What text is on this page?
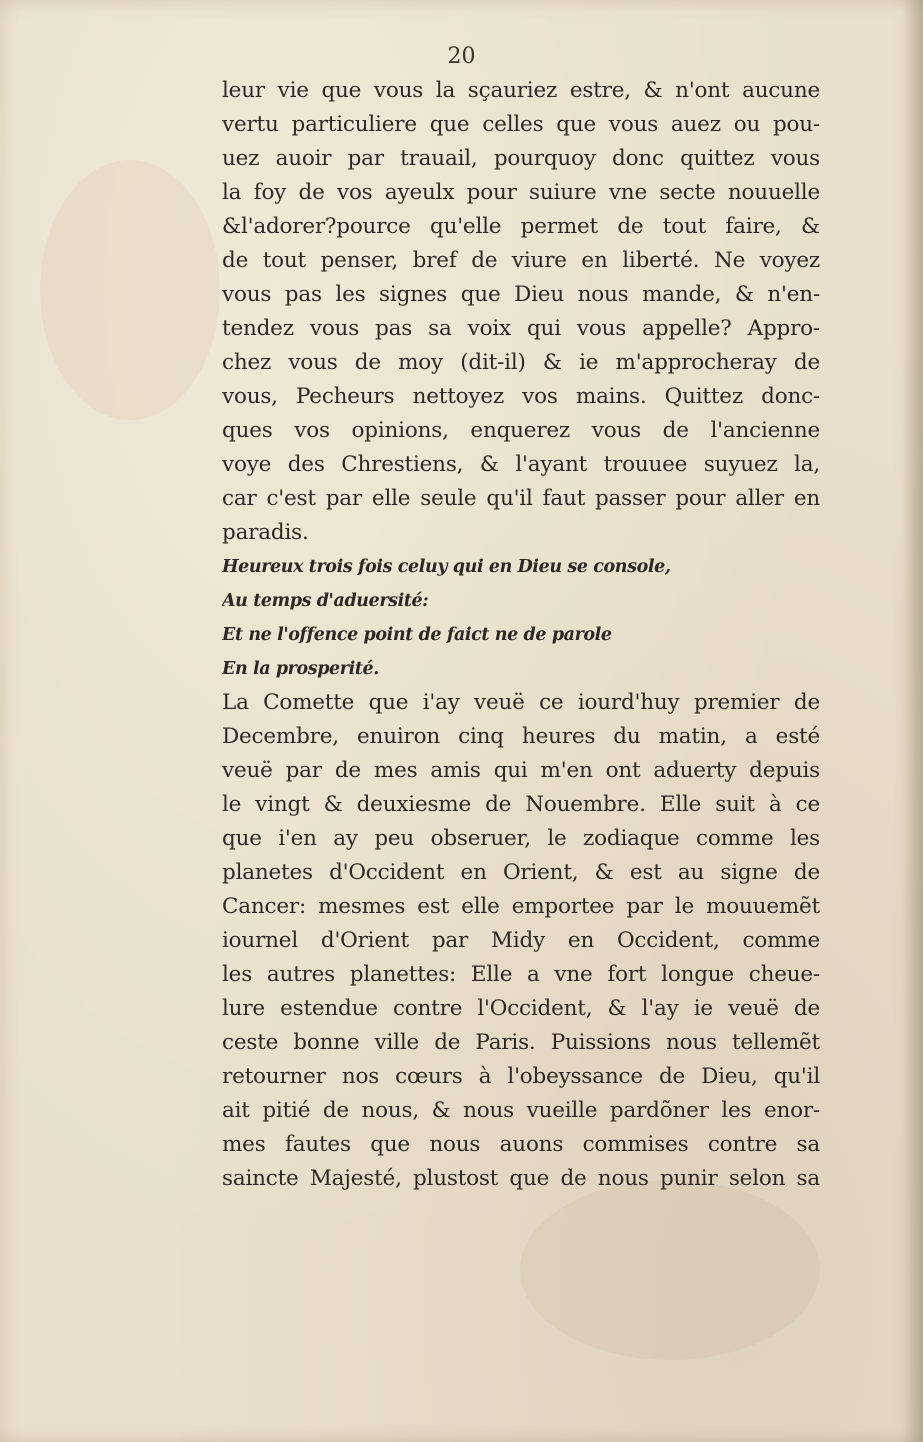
20
leur vie que vous la sçauriez estre, & n'ont aucune
vertu particuliere que celles que vous auez ou pou-
uez auoir par trauail, pourquoy donc quittez vous
la foy de vos ayeulx pour suiure vne secte nouuelle
&l'adorer?pource qu'elle permet de tout faire, &
de tout penser, bref de viure en liberté. Ne voyez
vous pas les signes que Dieu nous mande, & n'en-
tendez vous pas sa voix qui vous appelle? Appro-
chez vous de moy (dit-il) & ie m'approcheray de
vous, Pecheurs nettoyez vos mains. Quittez donc-
ques vos opinions, enquerez vous de l'ancienne
voye des Chrestiens, & l'ayant trouuee suyuez la,
car c'est par elle seule qu'il faut passer pour aller en
paradis.
Heureux trois fois celuy qui en Dieu se console,
Au temps d'aduersité:
Et ne l'offence point de faict ne de parole
En la prosperité.
La Comette que i'ay veuë ce iourd'huy premier de
Decembre, enuiron cinq heures du matin, a esté
veuë par de mes amis qui m'en ont aduerty depuis
le vingt & deuxiesme de Nouembre. Elle suit à ce
que i'en ay peu obseruer, le zodiaque comme les
planetes d'Occident en Orient, & est au signe de
Cancer: mesmes est elle emportee par le mouuemẽt
iournel d'Orient par Midy en Occident, comme
les autres planettes: Elle a vne fort longue cheue-
lure estendue contre l'Occident, & l'ay ie veuë de
ceste bonne ville de Paris. Puissions nous tellemẽt
retourner nos cœurs à l'obeyssance de Dieu, qu'il
ait pitié de nous, & nous vueille pardõner les enor-
mes fautes que nous auons commises contre sa
saincte Majesté, plustost que de nous punir selon sa
